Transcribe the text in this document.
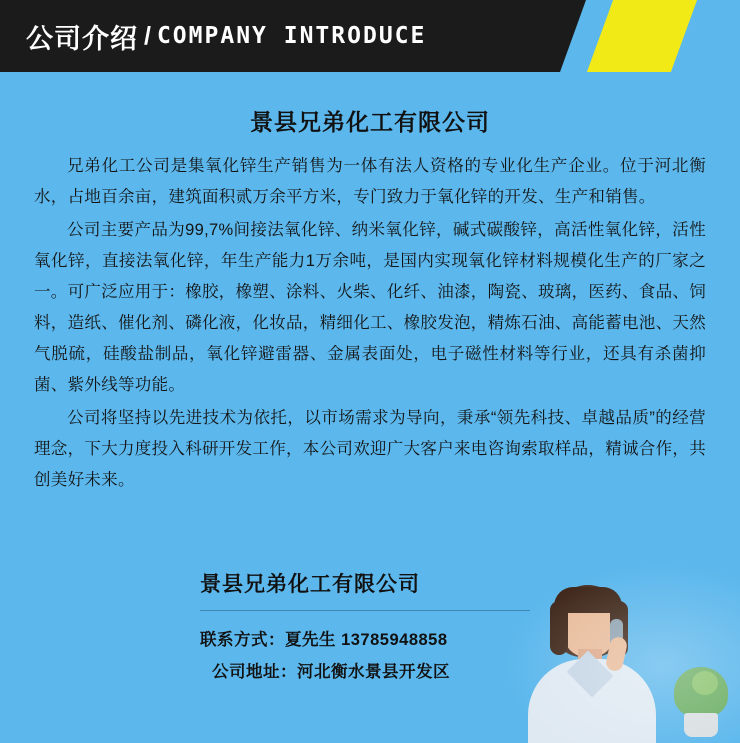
公司介绍 / COMPANY INTRODUCE
景县兄弟化工有限公司

兄弟化工公司是集氧化锌生产销售为一体有法人资格的专业化生产企业。位于河北衡水，占地百余亩，建筑面积贰万余平方米，专门致力于氧化锌的开发、生产和销售。

公司主要产品为99,7%间接法氧化锌、纳米氧化锌，碱式碳酸锌，高活性氧化锌，活性氧化锌，直接法氧化锌，年生产能力1万余吨，是国内实现氧化锌材料规模化生产的厂家之一。可广泛应用于：橡胶，橡塑、涂料、火柴、化纤、油漆，陶瓷、玻璃，医药、食品、饲料，造纸、催化剂、磷化液，化妆品，精细化工、橡胶发泡，精炼石油、高能蓄电池、天然气脱硫，硅酸盐制品，氧化锌避雷器、金属表面处，电子磁性材料等行业，还具有杀菌抑菌、紫外线等功能。

公司将坚持以先进技术为依托，以市场需求为导向，秉承“领先科技、卓越品质”的经营理念，下大力度投入科研开发工作，本公司欢迎广大客户来电咨询索取样品，精诚合作，共创美好未来。

景县兄弟化工有限公司
联系方式：夏先生 13785948858
公司地址：河北衡水景县开发区
